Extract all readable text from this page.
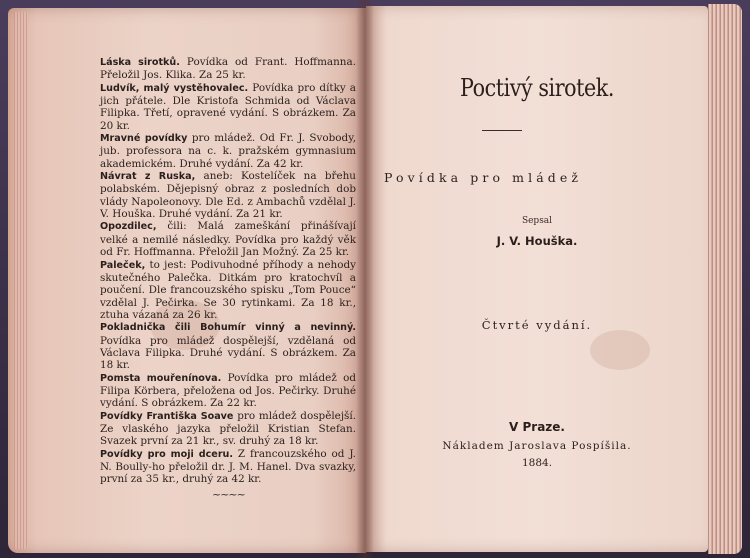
Láska sirotků. Povídka od Frant. Hoffmanna. Přeložil Jos. Klika. Za 25 kr.

Ludvík, malý vystěhovalec. Povídka pro dítky a jich přátele. Dle Kristofa Schmida od Václava Filipka. Třetí, opravené vydání. S obrázkem. Za 20 kr.

Mravné povídky pro mládež. Od Fr. J. Svobody, jub. professora na c. k. pražském gymnasium akademickém. Druhé vydání. Za 42 kr.

Návrat z Ruska, aneb: Kostelíček na břehu polabském. Dějepisný obraz z posledních dob vlády Napoleonovy. Dle Ed. z Ambachů vzdělal J. V. Houška. Druhé vydání. Za 21 kr.

Opozdilec, čili: Malá zameškání přinášívají velké a nemilé následky. Povídka pro každý věk od Fr. Hoffmanna. Přeložil Jan Možný. Za 25 kr.

Paleček, to jest: Podivuhodné příhody a nehody skutečného Palečka. Ditkám pro kratochvíl a poučení. Dle francouzského spisku „Tom Pouce“ vzdělal J. Pečirka. Se 30 rytinkami. Za 18 kr., ztuha vázaná za 26 kr.

Pokladnička čili Bohumír vinný a nevinný. Povídka pro mládež dospělejší, vzdělaná od Václava Filipka. Druhé vydání. S obrázkem. Za 18 kr.

Pomsta mouřenínova. Povídka pro mládež od Filipa Körbera, přeložena od Jos. Pečirky. Druhé vydání. S obrázkem. Za 22 kr.

Povídky Františka Soave pro mládež dospělejší. Ze vlaského jazyka přeložil Kristian Stefan. Svazek první za 21 kr., sv. druhý za 18 kr.

Povídky pro moji dceru. Z francouzského od J. N. Boully-ho přeložil dr. J. M. Hanel. Dva svazky, první za 35 kr., druhý za 42 kr.

~~~~
Poctivý sirotek.
Povídka pro mládež
Sepsal
J. V. Houška.
Čtvrté vydání.
V Praze.
Nákladem Jaroslava Pospíšila.
1884.
